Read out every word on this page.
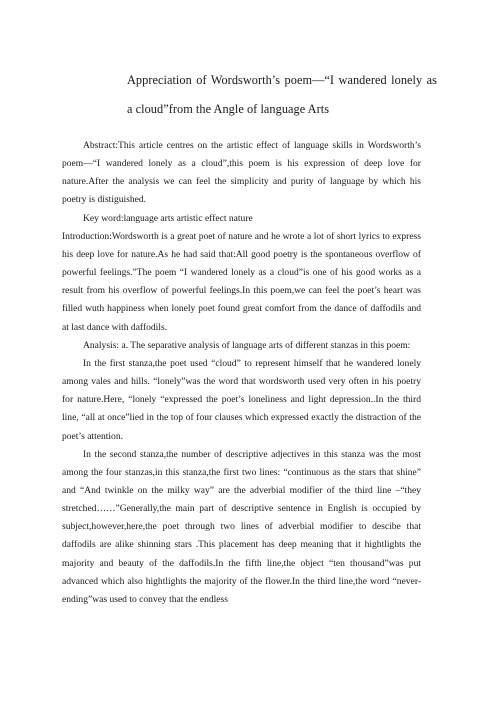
Appreciation of Wordsworth’s poem—“I wandered lonely as a cloud”from the Angle of language Arts

Abstract:This article centres on the artistic effect of language skills in Wordsworth’s poem—“I wandered lonely as a cloud”,this poem is his expression of deep love for nature.After the analysis we can feel the simplicity and purity of language by which his poetry is distiguished.

Key word:language arts artistic effect nature

Introduction:Wordsworth is a great poet of nature and he wrote a lot of short lyrics to express his deep love for nature.As he had said that:All good poetry is the spontaneous overflow of powerful feelings.”The poem “I wandered lonely as a cloud”is one of his good works as a result from his overflow of powerful feelings.In this poem,we can feel the poet’s heart was filled wuth happiness when lonely poet found great comfort from the dance of daffodils and at last dance with daffodils.

Analysis: a. The separative analysis of language arts of different stanzas in this poem:

In the first stanza,the poet used “cloud” to represent himself that he wandered lonely among vales and hills. “lonely”was the word that wordsworth used very often in his poetry for nature.Here, “lonely “expressed the poet’s loneliness and light depression..In the third line, “all at once”lied in the top of four clauses which expressed exactly the distraction of the poet’s attention.

In the second stanza,the number of descriptive adjectives in this stanza was the most among the four stanzas,in this stanza,the first two lines: “continuous as the stars that shine” and “And twinkle on the milky way” are the adverbial modifier of the third line –“they stretched……”Generally,the main part of descriptive sentence in English is occupied by subject,however,here,the poet through two lines of adverbial modifier to descibe that daffodils are alike shinning stars .This placement has deep meaning that it hightlights the majority and beauty of the daffodils.In the fifth line,the object “ten thousand”was put advanced which also hightlights the majority of the flower.In the third line,the word “never-ending”was used to convey that the endless
